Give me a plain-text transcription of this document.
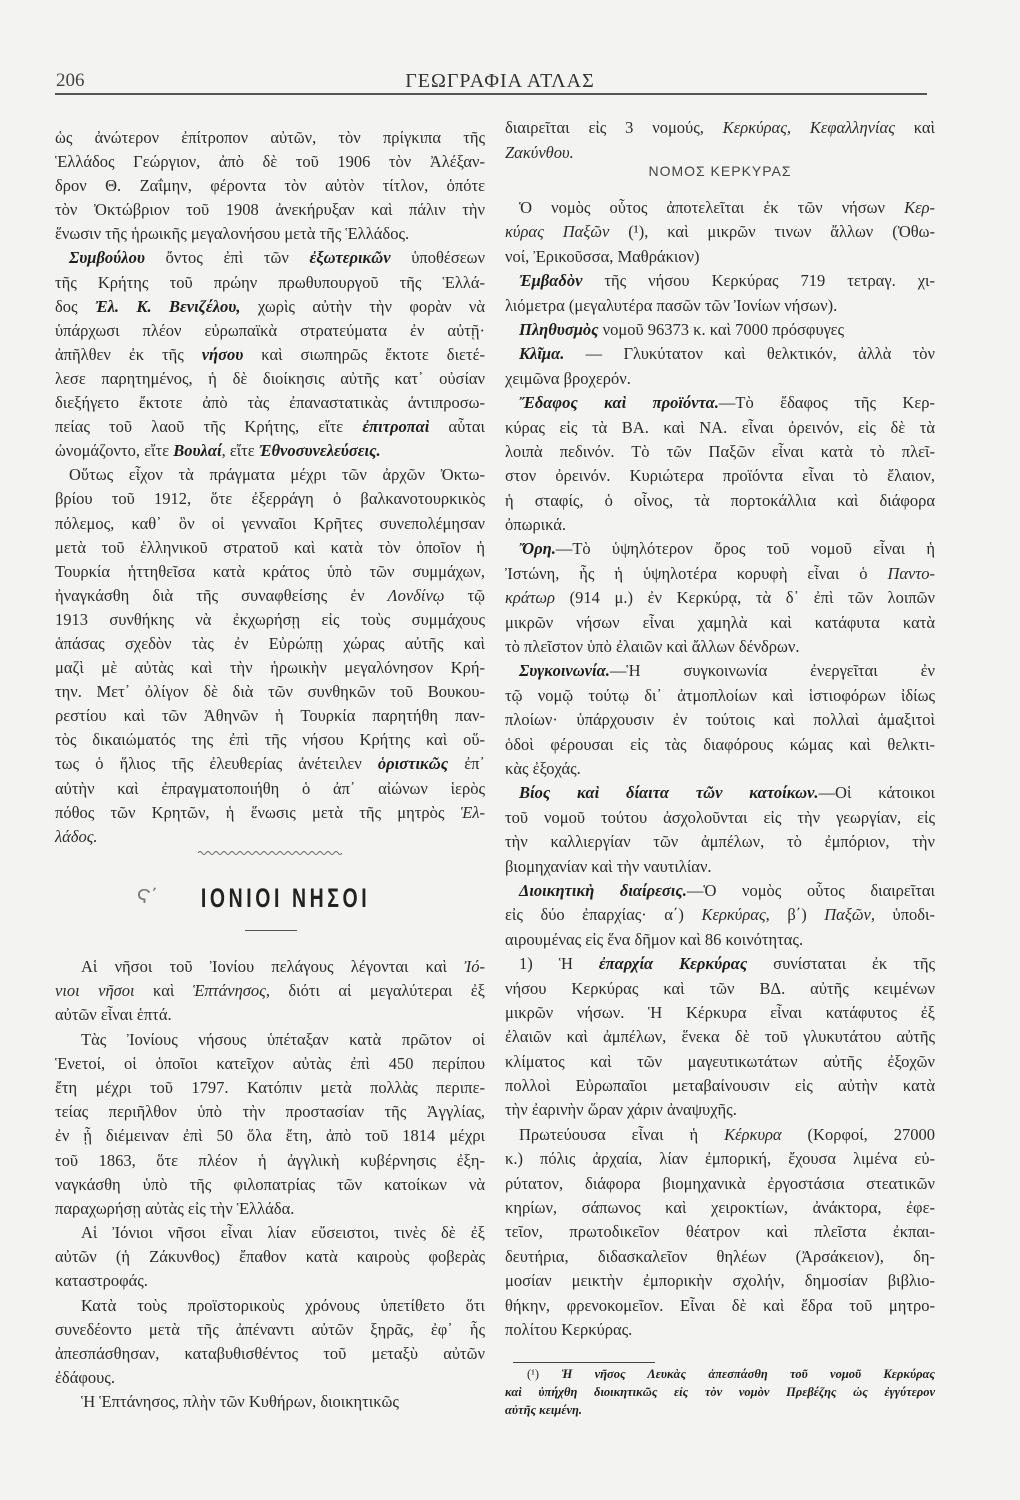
206	ΓΕΩΓΡΑΦΙΑ ΑΤΛΑΣ
ὡς ἀνώτερον ἐπίτροπον αὐτῶν, τὸν πρίγκιπα τῆς
Ἑλλάδος Γεώργιον, ἀπὸ δὲ τοῦ 1906 τὸν Ἀλέξαν-
δρον Θ. Ζαΐμην, φέροντα τὸν αὐτὸν τίτλον, ὁπότε
τὸν Ὀκτώβριον τοῦ 1908 ἀνεκήρυξαν καὶ πάλιν τὴν
ἕνωσιν τῆς ἡρωικῆς μεγαλονήσου μετὰ τῆς Ἑλλάδος.
Συμβούλου ὄντος ἐπὶ τῶν ἐξωτερικῶν ὑποθέσεων
τῆς Κρήτης τοῦ πρώην πρωθυπουργοῦ τῆς Ἑλλά-
δος Ἐλ. Κ. Βενιζέλου, χωρὶς αὐτὴν τὴν φορὰν νὰ
ὑπάρχωσι πλέον εὐρωπαϊκὰ στρατεύματα ἐν αὐτῇ·
ἀπῆλθεν ἐκ τῆς νήσου καὶ σιωπηρῶς ἔκτοτε διετέ-
λεσε παρητημένος, ἡ δὲ διοίκησις αὐτῆς κατ᾽ οὐσίαν
διεξήγετο ἔκτοτε ἀπὸ τὰς ἐπαναστατικὰς ἀντιπροσω-
πείας τοῦ λαοῦ τῆς Κρήτης, εἴτε ἐπιτροπαὶ αὗται
ὠνομάζοντο, εἴτε Βουλαί, εἴτε Ἐθνοσυνελεύσεις.
Οὕτως εἶχον τὰ πράγματα μέχρι τῶν ἀρχῶν Ὀκτω-
βρίου τοῦ 1912, ὅτε ἐξερράγη ὁ βαλκανοτουρκικὸς
πόλεμος, καθ᾽ ὃν οἱ γενναῖοι Κρῆτες συνεπολέμησαν
μετὰ τοῦ ἑλληνικοῦ στρατοῦ καὶ κατὰ τὸν ὁποῖον ἡ
Τουρκία ἡττηθεῖσα κατὰ κράτος ὑπὸ τῶν συμμάχων,
ἠναγκάσθη διὰ τῆς συναφθείσης ἐν Λονδίνῳ τῷ
1913 συνθήκης νὰ ἐκχωρήσῃ εἰς τοὺς συμμάχους
ἁπάσας σχεδὸν τὰς ἐν Εὐρώπῃ χώρας αὐτῆς καὶ
μαζὶ μὲ αὐτὰς καὶ τὴν ἡρωικὴν μεγαλόνησον Κρή-
την. Μετ᾽ ὀλίγον δὲ διὰ τῶν συνθηκῶν τοῦ Βουκου-
ρεστίου καὶ τῶν Ἀθηνῶν ἡ Τουρκία παρητήθη παν-
τὸς δικαιώματός της ἐπὶ τῆς νήσου Κρήτης καὶ οὕ-
τως ὁ ἥλιος τῆς ἐλευθερίας ἀνέτειλεν ὁριστικῶς ἐπ᾽
αὐτὴν καὶ ἐπραγματοποιήθη ὁ ἀπ᾽ αἰώνων ἱερὸς
πόθος τῶν Κρητῶν, ἡ ἕνωσις μετὰ τῆς μητρὸς Ἑλ-
λάδος.
Ϛ΄ ΙΟΝΙΟΙ ΝΗΣΟΙ
Αἱ νῆσοι τοῦ Ἰονίου πελάγους λέγονται καὶ Ἰό-
νιοι νῆσοι καὶ Ἑπτάνησος, διότι αἱ μεγαλύτεραι ἐξ
αὐτῶν εἶναι ἑπτά.
Τὰς Ἰονίους νήσους ὑπέταξαν κατὰ πρῶτον οἱ
Ἑνετοί, οἱ ὁποῖοι κατεῖχον αὐτὰς ἐπὶ 450 περίπου
ἔτη μέχρι τοῦ 1797. Κατόπιν μετὰ πολλὰς περιπε-
τείας περιῆλθον ὑπὸ τὴν προστασίαν τῆς Ἀγγλίας,
ἐν ᾗ διέμειναν ἐπὶ 50 ὅλα ἔτη, ἀπὸ τοῦ 1814 μέχρι
τοῦ 1863, ὅτε πλέον ἡ ἀγγλικὴ κυβέρνησις ἐξη-
ναγκάσθη ὑπὸ τῆς φιλοπατρίας τῶν κατοίκων νὰ
παραχωρήσῃ αὐτὰς εἰς τὴν Ἑλλάδα.
Αἱ Ἰόνιοι νῆσοι εἶναι λίαν εὔσειστοι, τινὲς δὲ ἐξ
αὐτῶν (ἡ Ζάκυνθος) ἔπαθον κατὰ καιροὺς φοβερὰς
καταστροφάς.
Κατὰ τοὺς προϊστορικοὺς χρόνους ὑπετίθετο ὅτι
συνεδέοντο μετὰ τῆς ἀπέναντι αὐτῶν ξηρᾶς, ἐφ᾽ ἧς
ἀπεσπάσθησαν, καταβυθισθέντος τοῦ μεταξὺ αὐτῶν
ἐδάφους.
Ἡ Ἑπτάνησος, πλὴν τῶν Κυθήρων, διοικητικῶς
διαιρεῖται εἰς 3 νομούς, Κερκύρας, Κεφαλληνίας καὶ
Ζακύνθου.
ΝΟΜΟΣ ΚΕΡΚΥΡΑΣ
Ὁ νομὸς οὗτος ἀποτελεῖται ἐκ τῶν νήσων Κερ-
κύρας Παξῶν (¹), καὶ μικρῶν τινων ἄλλων (Ὀθω-
νοί, Ἐρικοῦσσα, Μαθράκιον)
Ἐμβαδὸν τῆς νήσου Κερκύρας 719 τετραγ. χι-
λιόμετρα (μεγαλυτέρα πασῶν τῶν Ἰονίων νήσων).
Πληθυσμὸς νομοῦ 96373 κ. καὶ 7000 πρόσφυγες
Κλῖμα. — Γλυκύτατον καὶ θελκτικόν, ἀλλὰ τὸν
χειμῶνα βροχερόν.
Ἔδαφος καὶ προϊόντα.—Τὸ ἔδαφος τῆς Κερ-
κύρας εἰς τὰ ΒΑ. καὶ ΝΑ. εἶναι ὀρεινόν, εἰς δὲ τὰ
λοιπὰ πεδινόν. Τὸ τῶν Παξῶν εἶναι κατὰ τὸ πλεῖ-
στον ὀρεινόν. Κυριώτερα προϊόντα εἶναι τὸ ἔλαιον,
ἡ σταφίς, ὁ οἶνος, τὰ πορτοκάλλια καὶ διάφορα
ὀπωρικά.
Ὄρη.—Τὸ ὑψηλότερον ὄρος τοῦ νομοῦ εἶναι ἡ
Ἰστώνη, ἧς ἡ ὑψηλοτέρα κορυφὴ εἶναι ὁ Παντο-
κράτωρ (914 μ.) ἐν Κερκύρᾳ, τὰ δ᾽ ἐπὶ τῶν λοιπῶν
μικρῶν νήσων εἶναι χαμηλὰ καὶ κατάφυτα κατὰ
τὸ πλεῖστον ὑπὸ ἐλαιῶν καὶ ἄλλων δένδρων.
Συγκοινωνία.—Ἡ συγκοινωνία ἐνεργεῖται ἐν
τῷ νομῷ τούτῳ δι᾽ ἀτμοπλοίων καὶ ἱστιοφόρων ἰδίως
πλοίων· ὑπάρχουσιν ἐν τούτοις καὶ πολλαὶ ἁμαξιτοὶ
ὁδοὶ φέρουσαι εἰς τὰς διαφόρους κώμας καὶ θελκτι-
κὰς ἐξοχάς.
Βίος καὶ δίαιτα τῶν κατοίκων.—Οἱ κάτοικοι
τοῦ νομοῦ τούτου ἀσχολοῦνται εἰς τὴν γεωργίαν, εἰς
τὴν καλλιεργίαν τῶν ἀμπέλων, τὸ ἐμπόριον, τὴν
βιομηχανίαν καὶ τὴν ναυτιλίαν.
Διοικητικὴ διαίρεσις.—Ὁ νομὸς οὗτος διαιρεῖται
εἰς δύο ἐπαρχίας· α΄) Κερκύρας, β΄) Παξῶν, ὑποδι-
αιρουμένας εἰς ἕνα δῆμον καὶ 86 κοινότητας.
1) Ἡ ἐπαρχία Κερκύρας συνίσταται ἐκ τῆς
νήσου Κερκύρας καὶ τῶν ΒΔ. αὐτῆς κειμένων
μικρῶν νήσων. Ἡ Κέρκυρα εἶναι κατάφυτος ἐξ
ἐλαιῶν καὶ ἀμπέλων, ἕνεκα δὲ τοῦ γλυκυτάτου αὐτῆς
κλίματος καὶ τῶν μαγευτικωτάτων αὐτῆς ἐξοχῶν
πολλοὶ Εὐρωπαῖοι μεταβαίνουσιν εἰς αὐτὴν κατὰ
τὴν ἐαρινὴν ὥραν χάριν ἀναψυχῆς.
Πρωτεύουσα εἶναι ἡ Κέρκυρα (Κορφοί, 27000
κ.) πόλις ἀρχαία, λίαν ἐμπορική, ἔχουσα λιμένα εὐ-
ρύτατον, διάφορα βιομηχανικὰ ἐργοστάσια στεατικῶν
κηρίων, σάπωνος καὶ χειροκτίων, ἀνάκτορα, ἐφε-
τεῖον, πρωτοδικεῖον θέατρον καὶ πλεῖστα ἐκπαι-
δευτήρια, διδασκαλεῖον θηλέων (Ἀρσάκειον), δη-
μοσίαν μεικτὴν ἐμπορικὴν σχολήν, δημοσίαν βιβλιο-
θήκην, φρενοκομεῖον. Εἶναι δὲ καὶ ἕδρα τοῦ μητρο-
πολίτου Κερκύρας.
(¹) Ἡ νῆσος Λευκὰς ἀπεσπάσθη τοῦ νομοῦ Κερκύρας
καὶ ὑπήχθη διοικητικῶς εἰς τὸν νομὸν Πρεβέζης ὡς ἐγγύτερον
αὐτῆς κειμένη.
